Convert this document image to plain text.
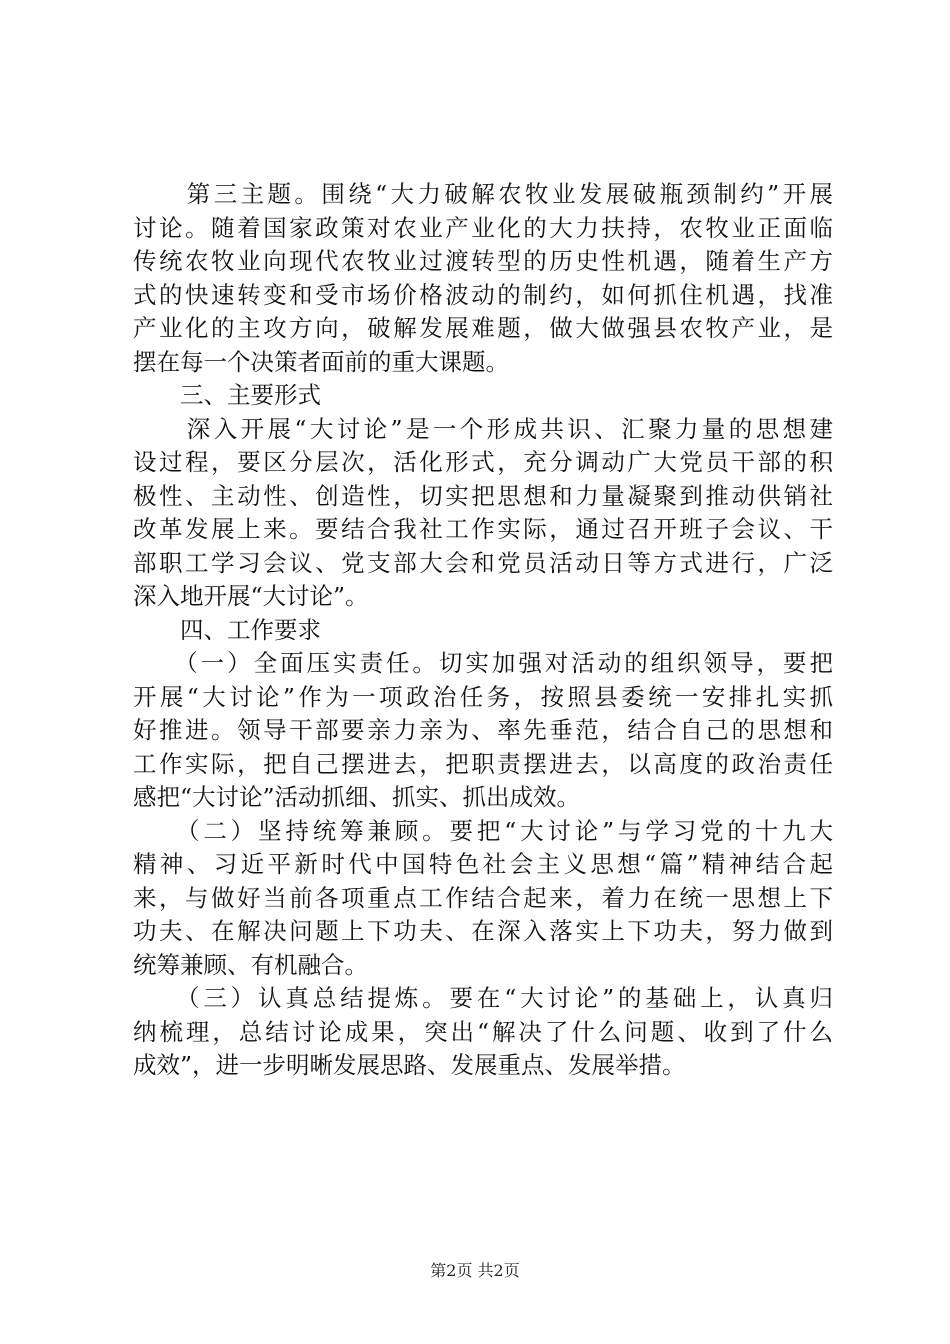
　　第三主题。围绕“大力破解农牧业发展破瓶颈制约”开展
讨论。随着国家政策对农业产业化的大力扶持，农牧业正面临
传统农牧业向现代农牧业过渡转型的历史性机遇，随着生产方
式的快速转变和受市场价格波动的制约，如何抓住机遇，找准
产业化的主攻方向，破解发展难题，做大做强县农牧产业，是
摆在每一个决策者面前的重大课题。
　　三、主要形式
　　深入开展“大讨论”是一个形成共识、汇聚力量的思想建
设过程，要区分层次，活化形式，充分调动广大党员干部的积
极性、主动性、创造性，切实把思想和力量凝聚到推动供销社
改革发展上来。要结合我社工作实际，通过召开班子会议、干
部职工学习会议、党支部大会和党员活动日等方式进行，广泛
深入地开展“大讨论”。
　　四、工作要求
　　（一）全面压实责任。切实加强对活动的组织领导，要把
开展“大讨论”作为一项政治任务，按照县委统一安排扎实抓
好推进。领导干部要亲力亲为、率先垂范，结合自己的思想和
工作实际，把自己摆进去，把职责摆进去，以高度的政治责任
感把“大讨论”活动抓细、抓实、抓出成效。
　　（二）坚持统筹兼顾。要把“大讨论”与学习党的十九大
精神、习近平新时代中国特色社会主义思想“篇”精神结合起
来，与做好当前各项重点工作结合起来，着力在统一思想上下
功夫、在解决问题上下功夫、在深入落实上下功夫，努力做到
统筹兼顾、有机融合。
　　（三）认真总结提炼。要在“大讨论”的基础上，认真归
纳梳理，总结讨论成果，突出“解决了什么问题、收到了什么
成效”，进一步明晰发展思路、发展重点、发展举措。
第2页 共2页
